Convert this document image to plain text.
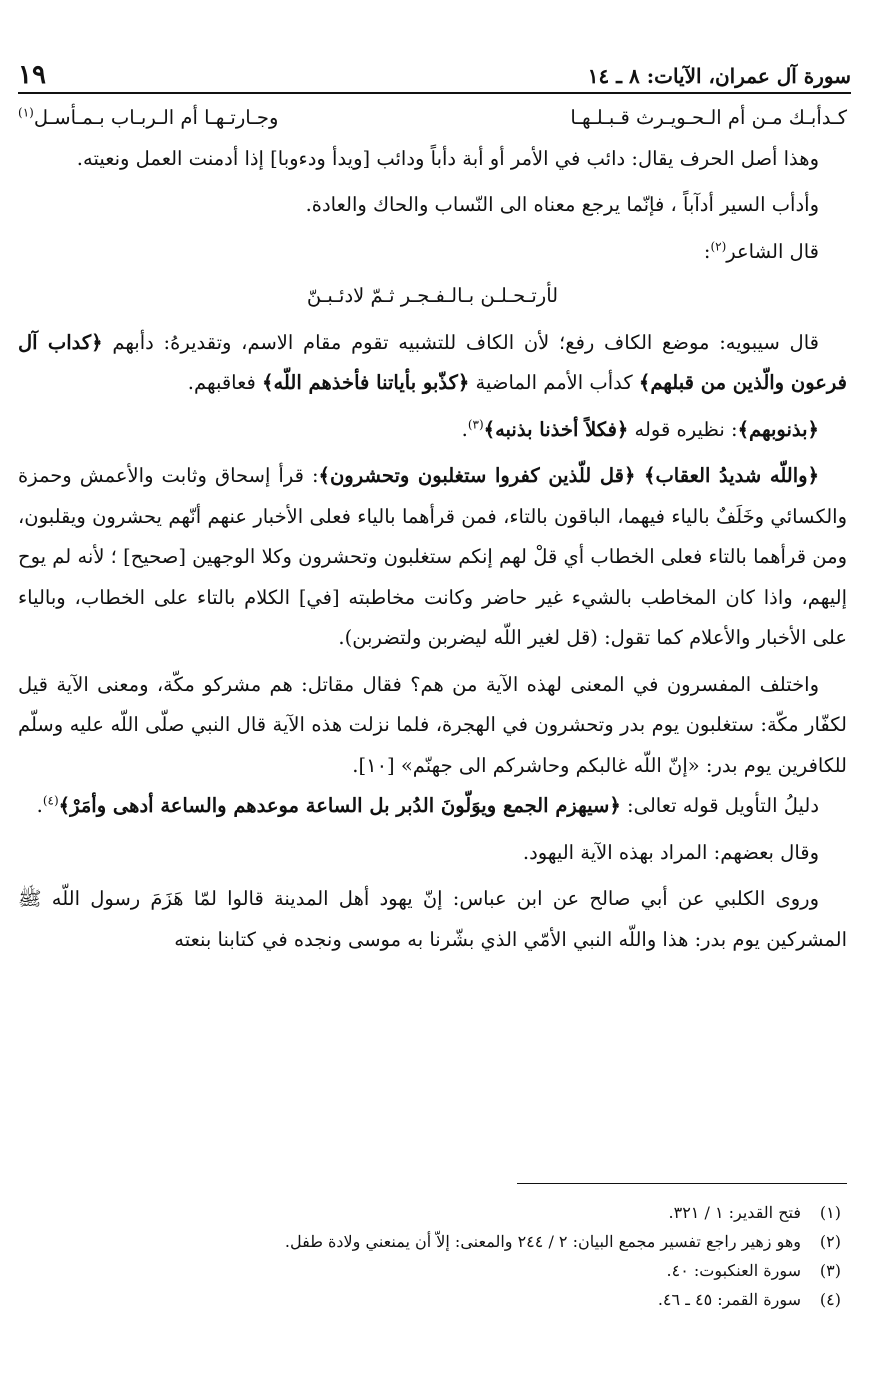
سورة آل عمران، الآيات: ٨ ـ ١٤
١٩
كـدأبـك مـن أم الـحـويـرث قـبـلـهـا
وجـارتـهـا أم الـربـاب بـمـأسـل$^{(١)}$

وهذا أصل الحرف يقال: دائب في الأمر أو أبة دأباً ودائب [ويدأ ودءوبا] إذا أدمنت العمل ونعيته.

وأدأب السير أدآباً ، فإنّما يرجع معناه الى النّساب والحاك والعادة.

قال الشاعر$^{(٢)}$:

لأرتـحـلـن بـالـفـجـر ثـمّ لادئـبـنّ

قال سيبويه: موضع الكاف رفع؛ لأن الكاف للتشبيه تقوم مقام الاسم، وتقديرهُ: دأبهم ﴿كداب آل فرعون والّذين من قبلهم﴾ كدأب الأمم الماضية ﴿كذّبو بأياتنا فأخذهم اللّه﴾ فعاقبهم.

﴿بذنوبهم﴾: نظيره قوله ﴿فكلاً أخذنا بذنبه﴾$^{(٣)}$.

﴿واللّه شديدُ العقاب﴾ ﴿قل للّذين كفروا ستغلبون وتحشرون﴾: قرأ إسحاق وثابت والأعمش وحمزة والكسائي وخَلَفٌ بالياء فيهما، الباقون بالتاء، فمن قرأهما بالياء فعلى الأخبار عنهم أنّهم يحشرون ويقلبون، ومن قرأهما بالتاء فعلى الخطاب أي قلْ لهم إنكم ستغلبون وتحشرون وكلا الوجهين [صحيح] ؛ لأنه لم يوح إليهم، واذا كان المخاطب بالشيء غير حاضر وكانت مخاطبته [في] الكلام بالتاء على الخطاب، وبالياء على الأخبار والأعلام كما تقول: (قل لغير اللّه ليضربن ولتضربن).

واختلف المفسرون في المعنى لهذه الآية من هم؟ فقال مقاتل: هم مشركو مكّة، ومعنى الآية قيل لكفّار مكّة: ستغلبون يوم بدر وتحشرون في الهجرة، فلما نزلت هذه الآية قال النبي صلّى اللّه عليه وسلّم للكافرين يوم بدر: «إنّ اللّه غالبكم وحاشركم الى جهنّم» [١٠].

دليلُ التأويل قوله تعالى: ﴿سيهزم الجمع ويوَلّونَ الدُبر بل الساعة موعدهم والساعة أدهى وأمَرْ﴾$^{(٤)}$.

وقال بعضهم: المراد بهذه الآية اليهود.

وروى الكلبي عن أبي صالح عن ابن عباس: إنّ يهود أهل المدينة قالوا لمّا هَزَمَ رسول اللّه ﷺ المشركين يوم بدر: هذا واللّه النبي الأمّي الذي بشّرنا به موسى ونجده في كتابنا بنعته

(١)
فتح القدير: ١ / ٣٢١.
(٢)
وهو زهير راجع تفسير مجمع البيان: ٢ / ٢٤٤ والمعنى: إلاّ أن يمنعني ولادة طفل.
(٣)
سورة العنكبوت: ٤٠.
(٤)
سورة القمر: ٤٥ ـ ٤٦.
